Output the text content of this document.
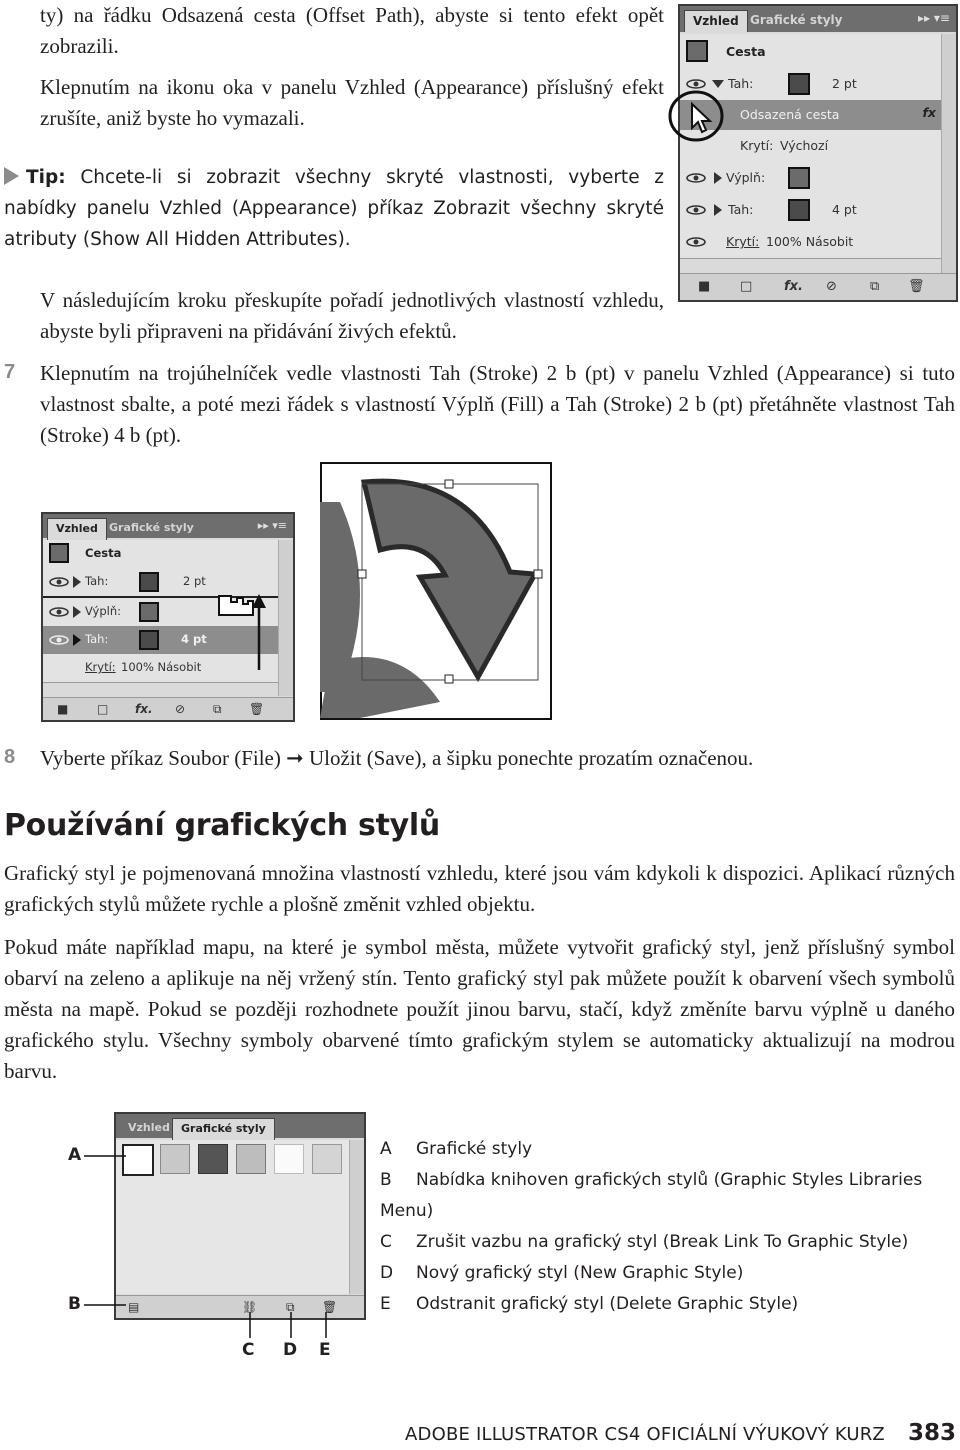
ty) na řádku Odsazená cesta (Offset Path), abyste si tento efekt opět zobrazili.

Klepnutím na ikonu oka v panelu Vzhled (Appearance) příslušný efekt zrušíte, aniž byste ho vymazali.

Tip: Chcete-li si zobrazit všechny skryté vlastnosti, vyberte z nabídky panelu Vzhled (Appearance) příkaz Zobrazit všechny skryté atributy (Show All Hidden Attributes).

V následujícím kroku přeskupíte pořadí jednotlivých vlastností vzhledu, abyste byli připraveni na přidávání živých efektů.

Vzhled Grafické styly	▸▸ ▾≡
Cesta
Tah:	2 pt
Odsazená cesta	fx
Krytí: Výchozí
Výplň:
Tah:	4 pt
Krytí: 100% Násobit
■ □ fx. ⊘	⧉ 🗑
7 Klepnutím na trojúhelníček vedle vlastnosti Tah (Stroke) 2 b (pt) v panelu Vzhled (Appearance) si tuto vlastnost sbalte, a poté mezi řádek s vlastností Výplň (Fill) a Tah (Stroke) 2 b (pt) přetáhněte vlastnost Tah (Stroke) 4 b (pt).

Vzhled	Grafické styly	▸▸ ▾≡
Cesta
Tah:	2 pt
Výplň:
Tah:	4 pt
Krytí: 100% Násobit
■ □ fx. ⊘ ⧉ 🗑
8 Vyberte příkaz Soubor (File) ➞ Uložit (Save), a šipku ponechte prozatím označenou.

Používání grafických stylů

Grafický styl je pojmenovaná množina vlastností vzhledu, které jsou vám kdykoli k dispozici. Aplikací různých grafických stylů můžete rychle a plošně změnit vzhled objektu.

Pokud máte například mapu, na které je symbol města, můžete vytvořit grafický styl, jenž příslušný symbol obarví na zeleno a aplikuje na něj vržený stín. Tento grafický styl pak můžete použít k obarvení všech symbolů města na mapě. Pokud se později rozhodnete použít jinou barvu, stačí, když změníte barvu výplně u daného grafického stylu. Všechny symboly obarvené tímto grafickým stylem se automaticky aktualizují na modrou barvu.

Vzhled	Grafické styly
▤	⛓ ⧉ 🗑
A
B
C D E
A Grafické styly
B Nabídka knihoven grafických stylů (Graphic Styles Libraries Menu)
C Zrušit vazbu na grafický styl (Break Link To Graphic Style)
D Nový grafický styl (New Graphic Style)
E Odstranit grafický styl (Delete Graphic Style)
ADOBE ILLUSTRATOR CS4 OFICIÁLNÍ VÝUKOVÝ KURZ 383
